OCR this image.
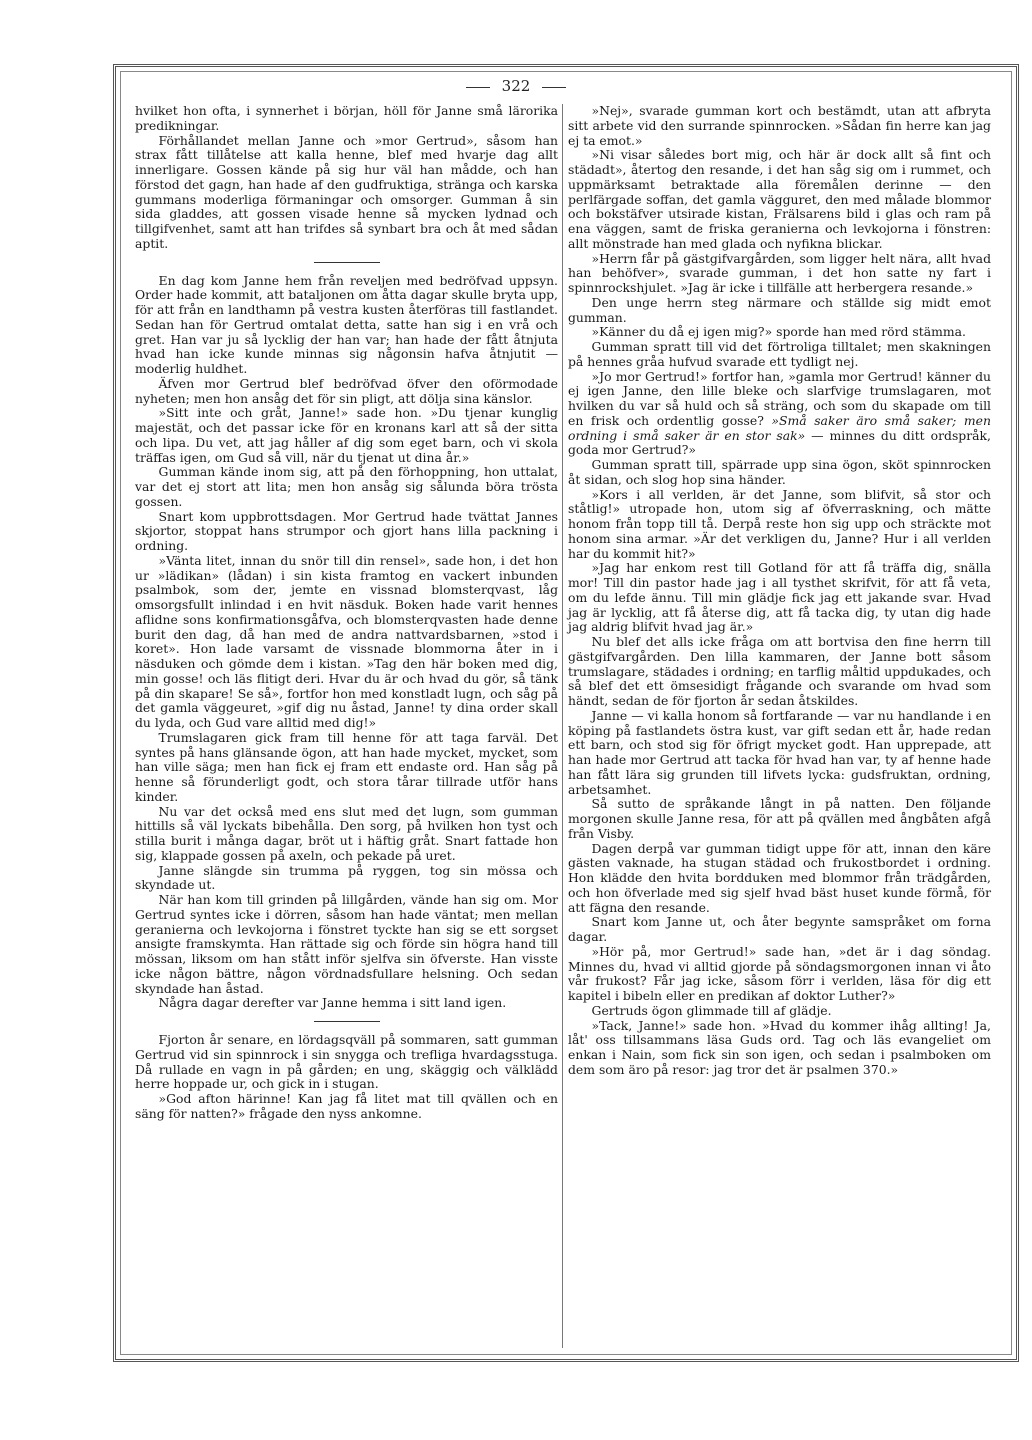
322

hvilket hon ofta, i synnerhet i början, höll för Janne små lärorika predikningar.

Förhållandet mellan Janne och »mor Gertrud», såsom han strax fått tillåtelse att kalla henne, blef med hvarje dag allt innerligare. Gossen kände på sig hur väl han mådde, och han förstod det gagn, han hade af den gudfruktiga, stränga och karska gummans moderliga förmaningar och omsorger. Gumman å sin sida gladdes, att gossen visade henne så mycken lydnad och tillgifvenhet, samt att han trifdes så synbart bra och åt med sådan aptit.

En dag kom Janne hem från reveljen med bedröfvad uppsyn. Order hade kommit, att bataljonen om åtta dagar skulle bryta upp, för att från en landthamn på vestra kusten återföras till fastlandet. Sedan han för Gertrud omtalat detta, satte han sig i en vrå och gret. Han var ju så lycklig der han var; han hade der fått åtnjuta hvad han icke kunde minnas sig någonsin hafva åtnjutit — moderlig huldhet.

Äfven mor Gertrud blef bedröfvad öfver den oförmodade nyheten; men hon ansåg det för sin pligt, att dölja sina känslor.

»Sitt inte och gråt, Janne!» sade hon. »Du tjenar kunglig majestät, och det passar icke för en kronans karl att så der sitta och lipa. Du vet, att jag håller af dig som eget barn, och vi skola träffas igen, om Gud så vill, när du tjenat ut dina år.»

Gumman kände inom sig, att på den förhoppning, hon uttalat, var det ej stort att lita; men hon ansåg sig sålunda böra trösta gossen.

Snart kom uppbrottsdagen. Mor Gertrud hade tvättat Jannes skjortor, stoppat hans strumpor och gjort hans lilla packning i ordning.

»Vänta litet, innan du snör till din rensel», sade hon, i det hon ur »lädikan» (lådan) i sin kista framtog en vackert inbunden psalmbok, som der, jemte en vissnad blomsterqvast, låg omsorgsfullt inlindad i en hvit näsduk. Boken hade varit hennes aflidne sons konfirmationsgåfva, och blomsterqvasten hade denne burit den dag, då han med de andra nattvardsbarnen, »stod i koret». Hon lade varsamt de vissnade blommorna åter in i näsduken och gömde dem i kistan. »Tag den här boken med dig, min gosse! och läs flitigt deri. Hvar du är och hvad du gör, så tänk på din skapare! Se så», fortfor hon med konstladt lugn, och såg på det gamla väggeuret, »gif dig nu åstad, Janne! ty dina order skall du lyda, och Gud vare alltid med dig!»

Trumslagaren gick fram till henne för att taga farväl. Det syntes på hans glänsande ögon, att han hade mycket, mycket, som han ville säga; men han fick ej fram ett endaste ord. Han såg på henne så förunderligt godt, och stora tårar tillrade utför hans kinder.

Nu var det också med ens slut med det lugn, som gumman hittills så väl lyckats bibehålla. Den sorg, på hvilken hon tyst och stilla burit i många dagar, bröt ut i häftig gråt. Snart fattade hon sig, klappade gossen på axeln, och pekade på uret.

Janne slängde sin trumma på ryggen, tog sin mössa och skyndade ut.

När han kom till grinden på lillgården, vände han sig om. Mor Gertrud syntes icke i dörren, såsom han hade väntat; men mellan geranierna och levkojorna i fönstret tyckte han sig se ett sorgset ansigte framskymta. Han rättade sig och förde sin högra hand till mössan, liksom om han stått inför sjelfva sin öfverste. Han visste icke någon bättre, någon vördnadsfullare helsning. Och sedan skyndade han åstad.

Några dagar derefter var Janne hemma i sitt land igen.

Fjorton år senare, en lördagsqväll på sommaren, satt gumman Gertrud vid sin spinnrock i sin snygga och trefliga hvardagsstuga. Då rullade en vagn in på gården; en ung, skäggig och välklädd herre hoppade ur, och gick in i stugan.

»God afton härinne! Kan jag få litet mat till qvällen och en säng för natten?» frågade den nyss ankomne.

»Nej», svarade gumman kort och bestämdt, utan att afbryta sitt arbete vid den surrande spinnrocken. »Sådan fin herre kan jag ej ta emot.»

»Ni visar således bort mig, och här är dock allt så fint och städadt», återtog den resande, i det han såg sig om i rummet, och uppmärksamt betraktade alla föremålen derinne — den perlfärgade soffan, det gamla vägguret, den med målade blommor och bokstäfver utsirade kistan, Frälsarens bild i glas och ram på ena väggen, samt de friska geranierna och levkojorna i fönstren: allt mönstrade han med glada och nyfikna blickar.

»Herrn får på gästgifvargården, som ligger helt nära, allt hvad han behöfver», svarade gumman, i det hon satte ny fart i spinnrockshjulet. »Jag är icke i tillfälle att herbergera resande.»

Den unge herrn steg närmare och ställde sig midt emot gumman.

»Känner du då ej igen mig?» sporde han med rörd stämma.

Gumman spratt till vid det förtroliga tilltalet; men skakningen på hennes gråa hufvud svarade ett tydligt nej.

»Jo mor Gertrud!» fortfor han, »gamla mor Gertrud! känner du ej igen Janne, den lille bleke och slarfvige trumslagaren, mot hvilken du var så huld och så sträng, och som du skapade om till en frisk och ordentlig gosse? »Små saker äro små saker; men ordning i små saker är en stor sak» — minnes du ditt ordspråk, goda mor Gertrud?»

Gumman spratt till, spärrade upp sina ögon, sköt spinnrocken åt sidan, och slog hop sina händer.

»Kors i all verlden, är det Janne, som blifvit, så stor och ståtlig!» utropade hon, utom sig af öfverraskning, och mätte honom från topp till tå. Derpå reste hon sig upp och sträckte mot honom sina armar. »Är det verkligen du, Janne? Hur i all verlden har du kommit hit?»

»Jag har enkom rest till Gotland för att få träffa dig, snälla mor! Till din pastor hade jag i all tysthet skrifvit, för att få veta, om du lefde ännu. Till min glädje fick jag ett jakande svar. Hvad jag är lycklig, att få återse dig, att få tacka dig, ty utan dig hade jag aldrig blifvit hvad jag är.»

Nu blef det alls icke fråga om att bortvisa den fine herrn till gästgifvargården. Den lilla kammaren, der Janne bott såsom trumslagare, städades i ordning; en tarflig måltid uppdukades, och så blef det ett ömsesidigt frågande och svarande om hvad som händt, sedan de för fjorton år sedan åtskildes.

Janne — vi kalla honom så fortfarande — var nu handlande i en köping på fastlandets östra kust, var gift sedan ett år, hade redan ett barn, och stod sig för öfrigt mycket godt. Han upprepade, att han hade mor Gertrud att tacka för hvad han var, ty af henne hade han fått lära sig grunden till lifvets lycka: gudsfruktan, ordning, arbetsamhet.

Så sutto de språkande långt in på natten. Den följande morgonen skulle Janne resa, för att på qvällen med ångbåten afgå från Visby.

Dagen derpå var gumman tidigt uppe för att, innan den käre gästen vaknade, ha stugan städad och frukostbordet i ordning. Hon klädde den hvita bordduken med blommor från trädgården, och hon öfverlade med sig sjelf hvad bäst huset kunde förmå, för att fägna den resande.

Snart kom Janne ut, och åter begynte samspråket om forna dagar.

»Hör på, mor Gertrud!» sade han, »det är i dag söndag. Minnes du, hvad vi alltid gjorde på söndagsmorgonen innan vi åto vår frukost? Får jag icke, såsom förr i verlden, läsa för dig ett kapitel i bibeln eller en predikan af doktor Luther?»

Gertruds ögon glimmade till af glädje.

»Tack, Janne!» sade hon. »Hvad du kommer ihåg allting! Ja, låt' oss tillsammans läsa Guds ord. Tag och läs evangeliet om enkan i Nain, som fick sin son igen, och sedan i psalmboken om dem som äro på resor: jag tror det är psalmen 370.»
